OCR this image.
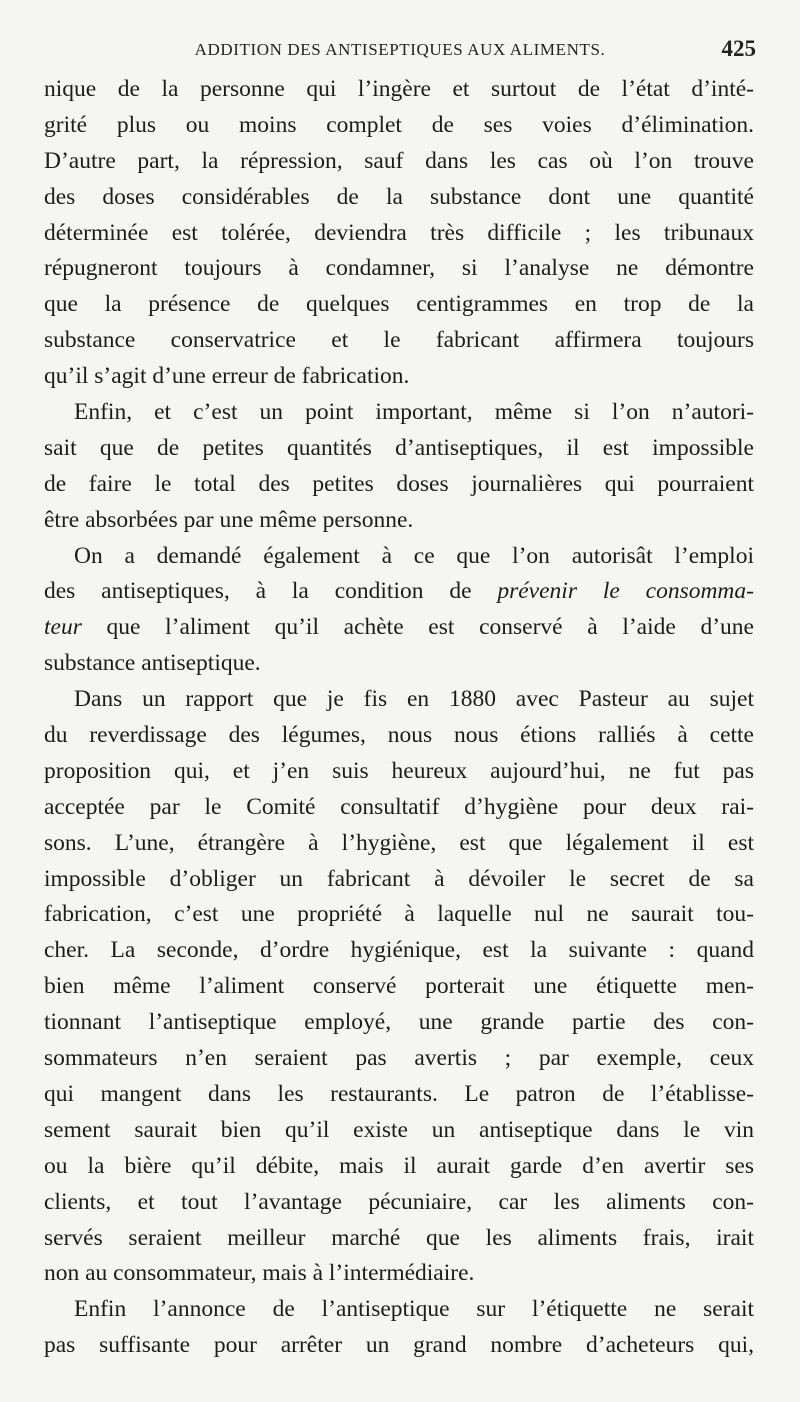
ADDITION DES ANTISEPTIQUES AUX ALIMENTS.	425
nique de la personne qui l’ingère et surtout de l’état d’inté-
grité plus ou moins complet de ses voies d’élimination.
D’autre part, la répression, sauf dans les cas où l’on trouve
des doses considérables de la substance dont une quantité
déterminée est tolérée, deviendra très difficile ; les tribunaux
répugneront toujours à condamner, si l’analyse ne démontre
que la présence de quelques centigrammes en trop de la
substance conservatrice et le fabricant affirmera toujours
qu’il s’agit d’une erreur de fabrication.
Enfin, et c’est un point important, même si l’on n’autori-
sait que de petites quantités d’antiseptiques, il est impossible
de faire le total des petites doses journalières qui pourraient
être absorbées par une même personne.
On a demandé également à ce que l’on autorisât l’emploi
des antiseptiques, à la condition de prévenir le consomma-
teur que l’aliment qu’il achète est conservé à l’aide d’une
substance antiseptique.
Dans un rapport que je fis en 1880 avec Pasteur au sujet
du reverdissage des légumes, nous nous étions ralliés à cette
proposition qui, et j’en suis heureux aujourd’hui, ne fut pas
acceptée par le Comité consultatif d’hygiène pour deux rai-
sons. L’une, étrangère à l’hygiène, est que légalement il est
impossible d’obliger un fabricant à dévoiler le secret de sa
fabrication, c’est une propriété à laquelle nul ne saurait tou-
cher. La seconde, d’ordre hygiénique, est la suivante : quand
bien même l’aliment conservé porterait une étiquette men-
tionnant l’antiseptique employé, une grande partie des con-
sommateurs n’en seraient pas avertis ; par exemple, ceux
qui mangent dans les restaurants. Le patron de l’établisse-
sement saurait bien qu’il existe un antiseptique dans le vin
ou la bière qu’il débite, mais il aurait garde d’en avertir ses
clients, et tout l’avantage pécuniaire, car les aliments con-
servés seraient meilleur marché que les aliments frais, irait
non au consommateur, mais à l’intermédiaire.
Enfin l’annonce de l’antiseptique sur l’étiquette ne serait
pas suffisante pour arrêter un grand nombre d’acheteurs qui,
